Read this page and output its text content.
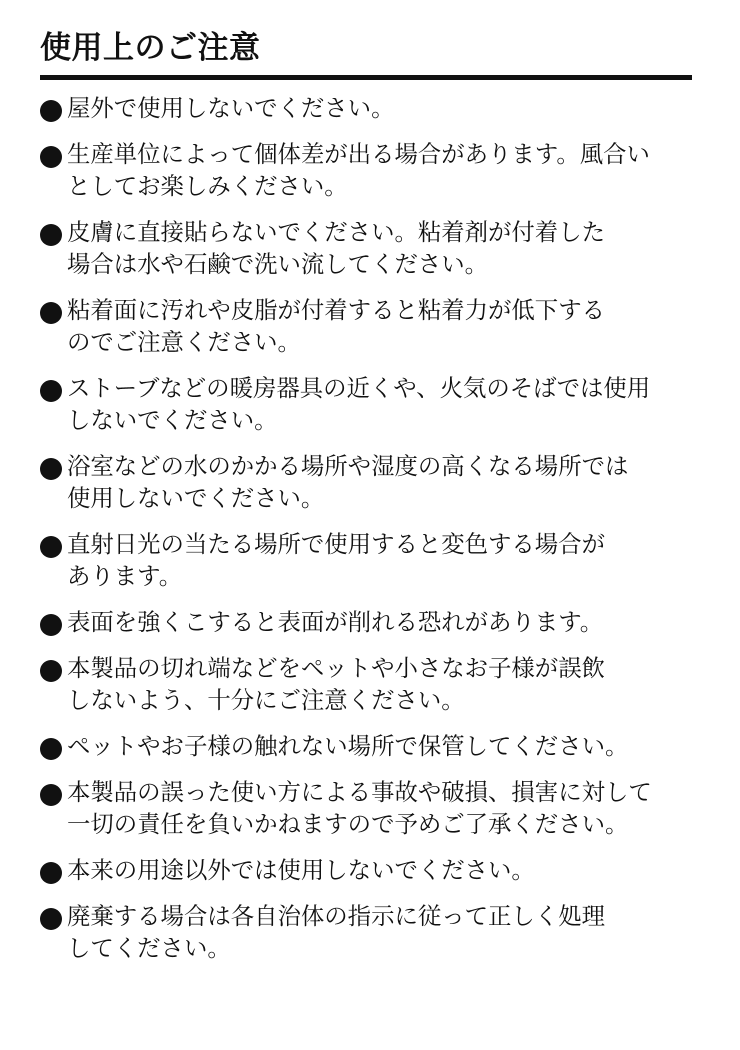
使用上のご注意
屋外で使用しないでください。
生産単位によって個体差が出る場合があります。風合い
としてお楽しみください。
皮膚に直接貼らないでください。粘着剤が付着した
場合は水や石鹸で洗い流してください。
粘着面に汚れや皮脂が付着すると粘着力が低下する
のでご注意ください。
ストーブなどの暖房器具の近くや、火気のそばでは使用
しないでください。
浴室などの水のかかる場所や湿度の高くなる場所では
使用しないでください。
直射日光の当たる場所で使用すると変色する場合が
あります。
表面を強くこすると表面が削れる恐れがあります。
本製品の切れ端などをペットや小さなお子様が誤飲
しないよう、十分にご注意ください。
ペットやお子様の触れない場所で保管してください。
本製品の誤った使い方による事故や破損、損害に対して
一切の責任を負いかねますので予めご了承ください。
本来の用途以外では使用しないでください。
廃棄する場合は各自治体の指示に従って正しく処理
してください。
